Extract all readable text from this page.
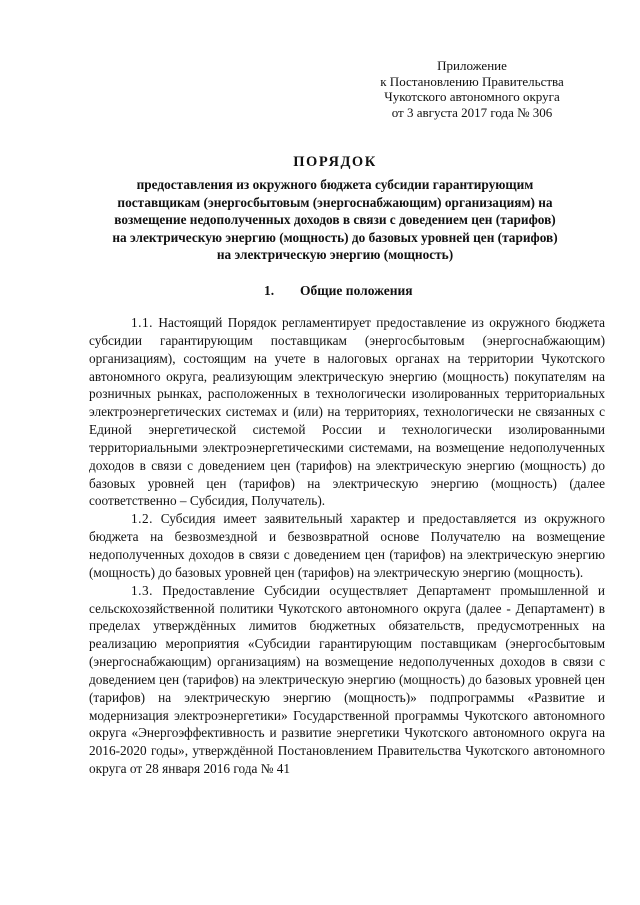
Приложение
к Постановлению Правительства
Чукотского автономного округа
от 3 августа 2017 года № 306

ПОРЯДОК

предоставления из окружного бюджета субсидии гарантирующим
поставщикам (энергосбытовым (энергоснабжающим) организациям) на
возмещение недополученных доходов в связи с доведением цен (тарифов)
на электрическую энергию (мощность) до базовых уровней цен (тарифов)
на электрическую энергию (мощность)
1. Общие положения

1.1. Настоящий Порядок регламентирует предоставление из окружного бюджета субсидии гарантирующим поставщикам (энергосбытовым (энергоснабжающим) организациям), состоящим на учете в налоговых органах на территории Чукотского автономного округа, реализующим электрическую энергию (мощность) покупателям на розничных рынках, расположенных в технологически изолированных территориальных электроэнергетических системах и (или) на территориях, технологически не связанных с Единой энергетической системой России и технологически изолированными территориальными электроэнергетическими системами, на возмещение недополученных доходов в связи с доведением цен (тарифов) на электрическую энергию (мощность) до базовых уровней цен (тарифов) на электрическую энергию (мощность) (далее соответственно – Субсидия, Получатель).

1.2. Субсидия имеет заявительный характер и предоставляется из окружного бюджета на безвозмездной и безвозвратной основе Получателю на возмещение недополученных доходов в связи с доведением цен (тарифов) на электрическую энергию (мощность) до базовых уровней цен (тарифов) на электрическую энергию (мощность).

1.3. Предоставление Субсидии осуществляет Департамент промышленной и сельскохозяйственной политики Чукотского автономного округа (далее - Департамент) в пределах утверждённых лимитов бюджетных обязательств, предусмотренных на реализацию мероприятия «Субсидии гарантирующим поставщикам (энергосбытовым (энергоснабжающим) организациям) на возмещение недополученных доходов в связи с доведением цен (тарифов) на электрическую энергию (мощность) до базовых уровней цен (тарифов) на электрическую энергию (мощность)» подпрограммы «Развитие и модернизация электроэнергетики» Государственной программы Чукотского автономного округа «Энергоэффективность и развитие энергетики Чукотского автономного округа на 2016-2020 годы», утверждённой Постановлением Правительства Чукотского автономного округа от 28 января 2016 года № 41
